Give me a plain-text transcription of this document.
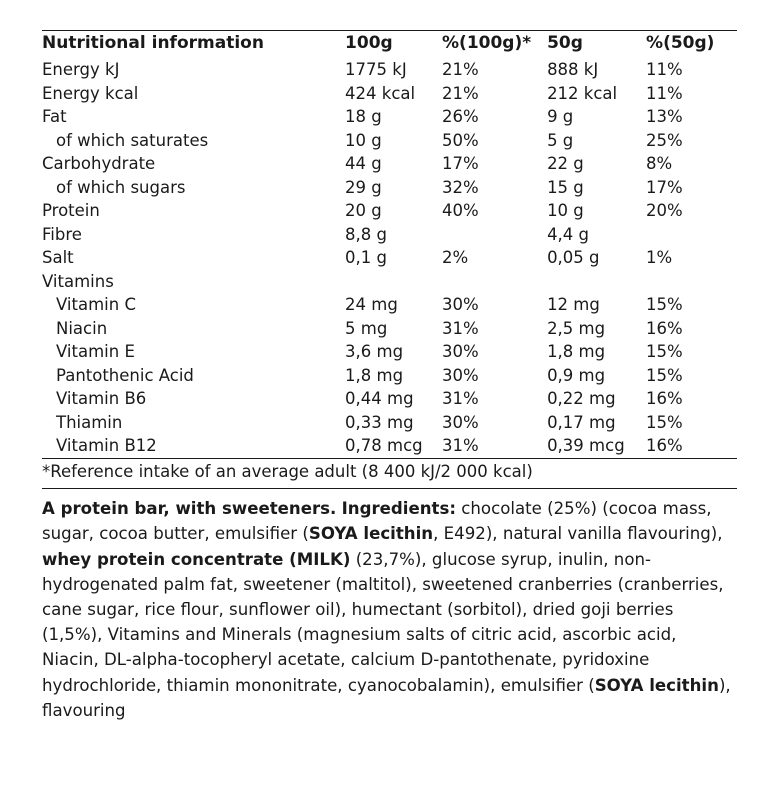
Nutritional information	100g	%(100g)*	50g	%(50g)
Energy kJ	1775 kJ	21%	888 kJ	11%
Energy kcal	424 kcal	21%	212 kcal	11%
Fat	18 g	26%	9 g	13%
of which saturates	10 g	50%	5 g	25%
Carbohydrate	44 g	17%	22 g	8%
of which sugars	29 g	32%	15 g	17%
Protein	20 g	40%	10 g	20%
Fibre	8,8 g		4,4 g	
Salt	0,1 g	2%	0,05 g	1%
Vitamins				
Vitamin C	24 mg	30%	12 mg	15%
Niacin	5 mg	31%	2,5 mg	16%
Vitamin E	3,6 mg	30%	1,8 mg	15%
Pantothenic Acid	1,8 mg	30%	0,9 mg	15%
Vitamin B6	0,44 mg	31%	0,22 mg	16%
Thiamin	0,33 mg	30%	0,17 mg	15%
Vitamin B12	0,78 mcg	31%	0,39 mcg	16%
*Reference intake of an average adult (8 400 kJ/2 000 kcal)
A protein bar, with sweeteners. Ingredients: chocolate (25%) (cocoa mass, sugar, cocoa butter, emulsifier (SOYA lecithin, E492), natural vanilla flavouring), whey protein concentrate (MILK) (23,7%), glucose syrup, inulin, non-hydrogenated palm fat, sweetener (maltitol), sweetened cranberries (cranberries, cane sugar, rice flour, sunflower oil), humectant (sorbitol), dried goji berries (1,5%), Vitamins and Minerals (magnesium salts of citric acid, ascorbic acid, Niacin, DL-alpha-tocopheryl acetate, calcium D-pantothenate, pyridoxine hydrochloride, thiamin mononitrate, cyanocobalamin), emulsifier (SOYA lecithin), flavouring
